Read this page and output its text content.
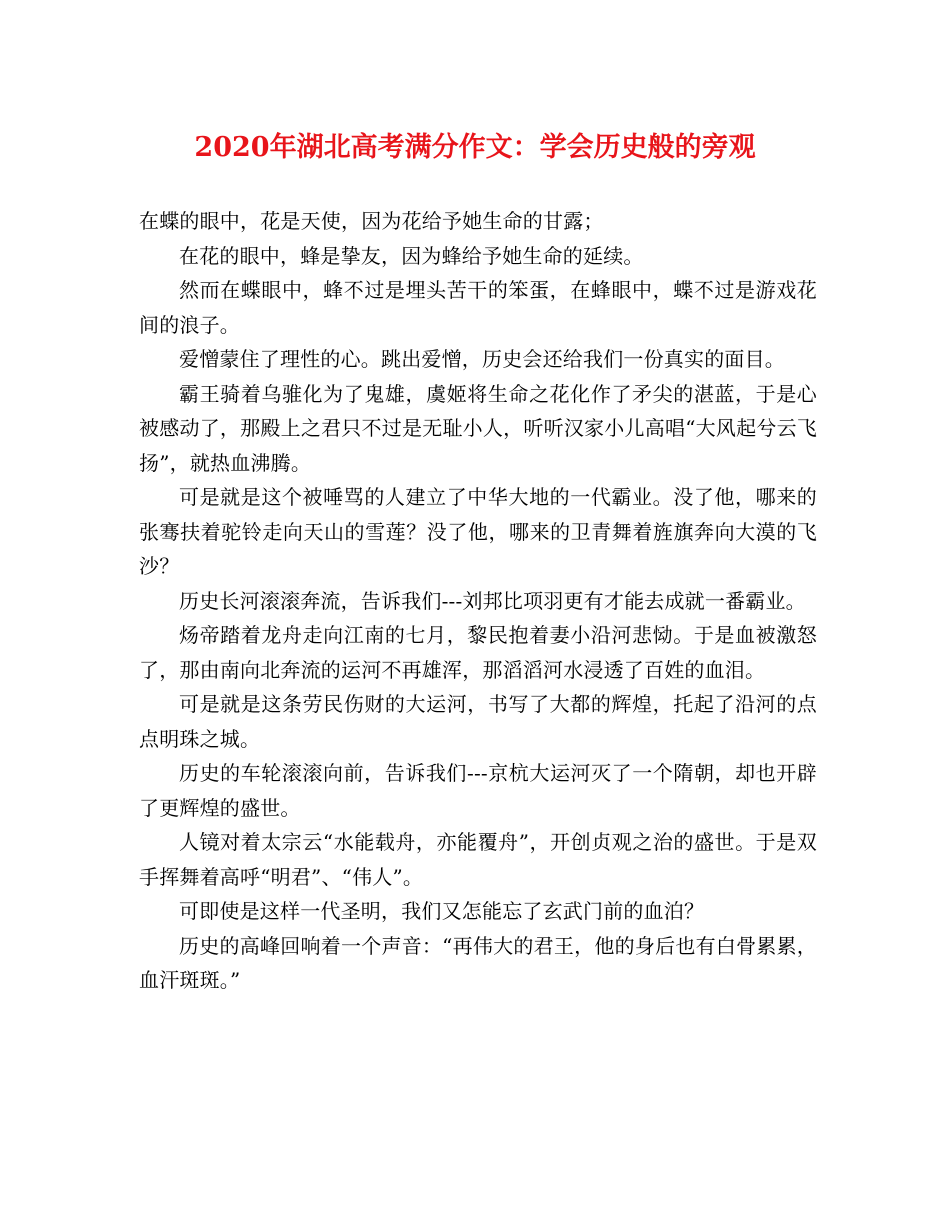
2020年湖北高考满分作文：学会历史般的旁观

在蝶的眼中，花是天使，因为花给予她生命的甘露；

在花的眼中，蜂是挚友，因为蜂给予她生命的延续。

然而在蝶眼中，蜂不过是埋头苦干的笨蛋，在蜂眼中，蝶不过是游戏花间的浪子。

爱憎蒙住了理性的心。跳出爱憎，历史会还给我们一份真实的面目。

霸王骑着乌骓化为了鬼雄，虞姬将生命之花化作了矛尖的湛蓝，于是心被感动了，那殿上之君只不过是无耻小人，听听汉家小儿高唱“大风起兮云飞扬”，就热血沸腾。

可是就是这个被唾骂的人建立了中华大地的一代霸业。没了他，哪来的张骞扶着驼铃走向天山的雪莲？没了他，哪来的卫青舞着旌旗奔向大漠的飞沙？

历史长河滚滚奔流，告诉我们---刘邦比项羽更有才能去成就一番霸业。

炀帝踏着龙舟走向江南的七月，黎民抱着妻小沿河悲恸。于是血被激怒了，那由南向北奔流的运河不再雄浑，那滔滔河水浸透了百姓的血泪。

可是就是这条劳民伤财的大运河，书写了大都的辉煌，托起了沿河的点点明珠之城。

历史的车轮滚滚向前，告诉我们---京杭大运河灭了一个隋朝，却也开辟了更辉煌的盛世。

人镜对着太宗云“水能载舟，亦能覆舟”，开创贞观之治的盛世。于是双手挥舞着高呼“明君”、“伟人”。

可即使是这样一代圣明，我们又怎能忘了玄武门前的血泊？

历史的高峰回响着一个声音：“再伟大的君王，他的身后也有白骨累累，血汗斑斑。”
